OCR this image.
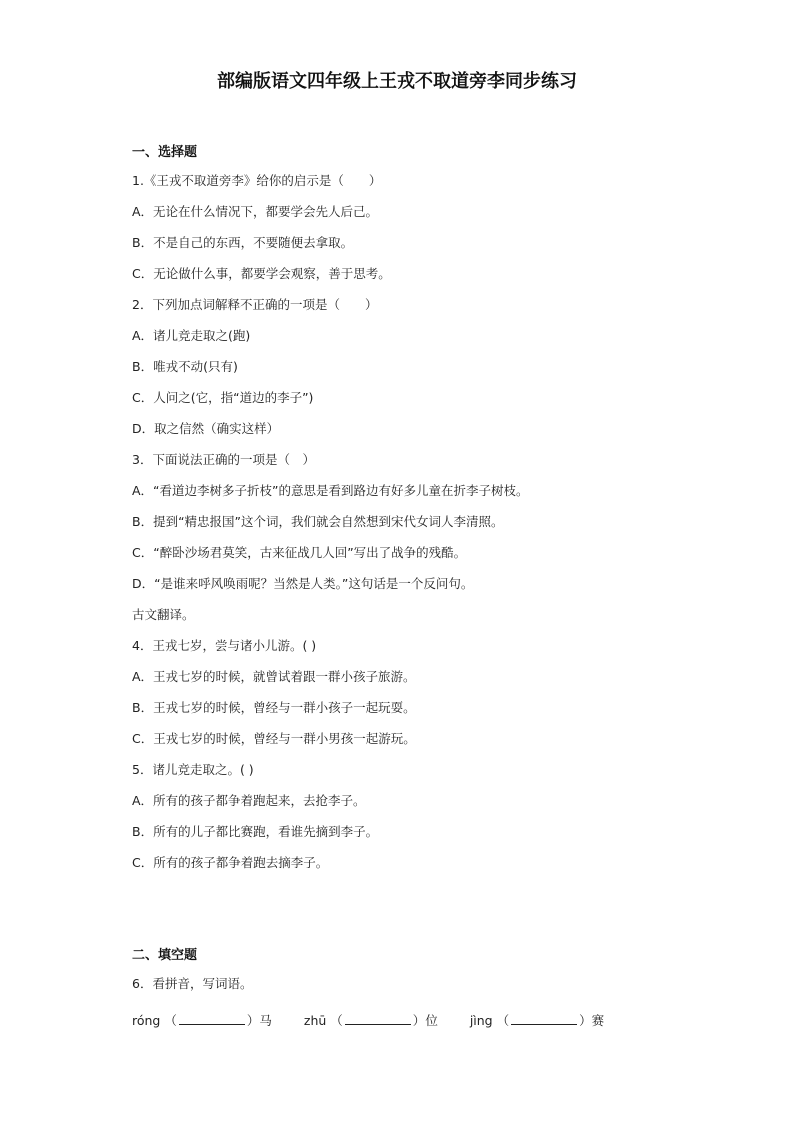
部编版语文四年级上王戎不取道旁李同步练习
一、选择题
1.《王戎不取道旁李》给你的启示是（　　）
A．无论在什么情况下，都要学会先人后己。
B．不是自己的东西，不要随便去拿取。
C．无论做什么事，都要学会观察，善于思考。
2．下列加点词解释不正确的一项是（　　）
A．诸儿竞走取之(跑)
B．唯戎不动(只有)
C．人问之(它，指“道边的李子”)
D．取之信然（确实这样）
3．下面说法正确的一项是（　）
A．“看道边李树多子折枝”的意思是看到路边有好多儿童在折李子树枝。
B．提到“精忠报国”这个词，我们就会自然想到宋代女词人李清照。
C．“醉卧沙场君莫笑，古来征战几人回”写出了战争的残酷。
D．“是谁来呼风唤雨呢？当然是人类。”这句话是一个反问句。
古文翻译。
4．王戎七岁，尝与诸小儿游。( )
A．王戎七岁的时候，就曾试着跟一群小孩子旅游。
B．王戎七岁的时候，曾经与一群小孩子一起玩耍。
C．王戎七岁的时候，曾经与一群小男孩一起游玩。
5．诸儿竞走取之。( )
A．所有的孩子都争着跑起来，去抢李子。
B．所有的儿子都比赛跑，看谁先摘到李子。
C．所有的孩子都争着跑去摘李子。
二、填空题
6．看拼音，写词语。
róng （	）马	zhū （	）位	jìng （	）赛
